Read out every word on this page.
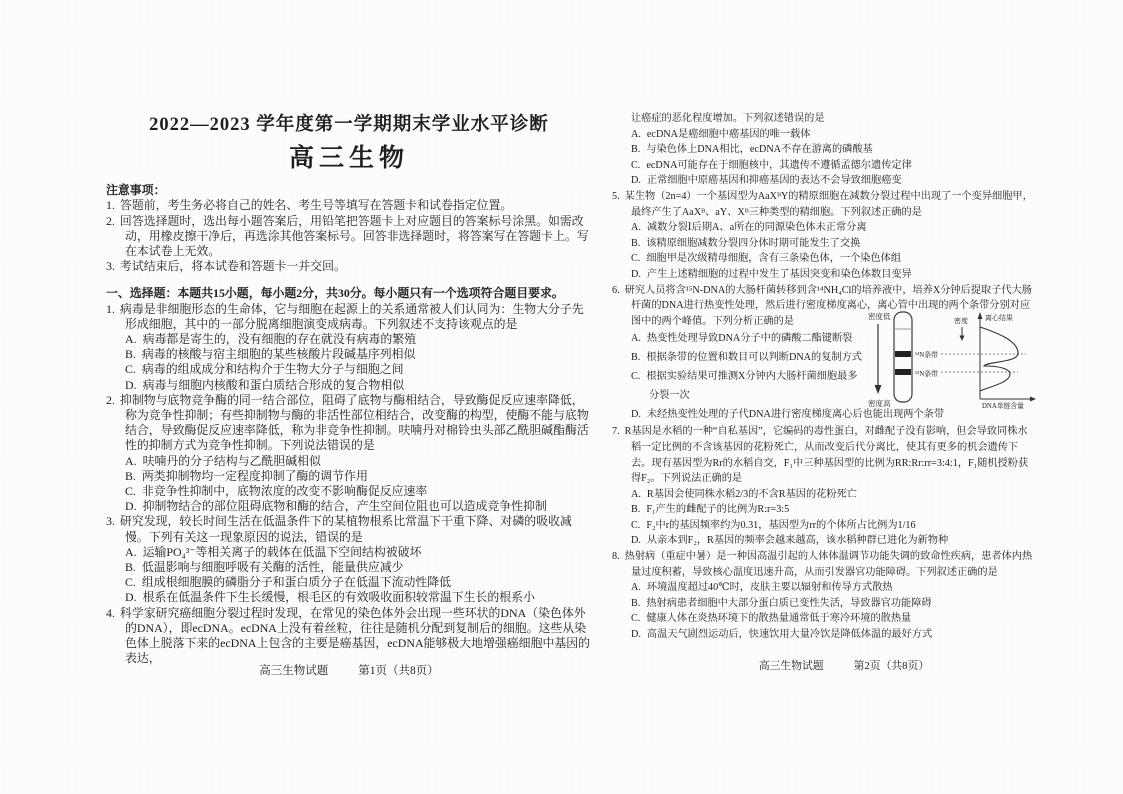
2022—2023 学年度第一学期期末学业水平诊断
高三生物
注意事项：
1. 答题前，考生务必将自己的姓名、考生号等填写在答题卡和试卷指定位置。
2. 回答选择题时，选出每小题答案后，用铅笔把答题卡上对应题目的答案标号涂黑。如需改动，用橡皮擦干净后，再选涂其他答案标号。回答非选择题时，将答案写在答题卡上。写在本试卷上无效。
3. 考试结束后，将本试卷和答题卡一并交回。
一、选择题：本题共15小题，每小题2分，共30分。每小题只有一个选项符合题目要求。
1. 病毒是非细胞形态的生命体，它与细胞在起源上的关系通常被人们认同为：生物大分子先形成细胞，其中的一部分脱离细胞演变成病毒。下列叙述不支持该观点的是
A. 病毒都是寄生的，没有细胞的存在就没有病毒的繁殖
B. 病毒的核酸与宿主细胞的某些核酸片段碱基序列相似
C. 病毒的组成成分和结构介于生物大分子与细胞之间
D. 病毒与细胞内核酸和蛋白质结合形成的复合物相似
2. 抑制物与底物竞争酶的同一结合部位，阻碍了底物与酶相结合，导致酶促反应速率降低，称为竞争性抑制；有些抑制物与酶的非活性部位相结合，改变酶的构型，使酶不能与底物结合，导致酶促反应速率降低，称为非竞争性抑制。呋喃丹对棉铃虫头部乙酰胆碱酯酶活性的抑制方式为竞争性抑制。下列说法错误的是
A. 呋喃丹的分子结构与乙酰胆碱相似
B. 两类抑制物均一定程度抑制了酶的调节作用
C. 非竞争性抑制中，底物浓度的改变不影响酶促反应速率
D. 抑制物结合的部位阻碍底物和酶的结合，产生空间位阻也可以造成竞争性抑制
3. 研究发现，较长时间生活在低温条件下的某植物根系比常温下干重下降、对磷的吸收减慢。下列有关这一现象原因的说法，错误的是
A. 运输PO₄³⁻等相关离子的载体在低温下空间结构被破坏
B. 低温影响与细胞呼吸有关酶的活性，能量供应减少
C. 组成根细胞膜的磷脂分子和蛋白质分子在低温下流动性降低
D. 根系在低温条件下生长缓慢，根毛区的有效吸收面积较常温下生长的根系小
4. 科学家研究癌细胞分裂过程时发现，在常见的染色体外会出现一些环状的DNA（染色体外的DNA），即ecDNA。ecDNA上没有着丝粒，往往是随机分配到复制后的细胞。这些从染色体上脱落下来的ecDNA上包含的主要是癌基因，ecDNA能够极大地增强癌细胞中基因的表达，
高三生物试题	第1页（共8页）
让癌症的恶化程度增加。下列叙述错误的是
A. ecDNA是癌细胞中癌基因的唯一载体
B. 与染色体上DNA相比，ecDNA不存在游离的磷酸基
C. ecDNA可能存在于细胞核中，其遗传不遵循孟德尔遗传定律
D. 正常细胞中原癌基因和抑癌基因的表达不会导致细胞癌变
5. 某生物（2n=4）一个基因型为AaXᴮY的精原细胞在减数分裂过程中出现了一个变异细胞甲，最终产生了AaXᴮ、aY、Xᴮ三种类型的精细胞。下列叙述正确的是
A. 减数分裂Ⅰ后期A、a所在的同源染色体未正常分离
B. 该精原细胞减数分裂四分体时期可能发生了交换
C. 细胞甲是次级精母细胞，含有三条染色体，一个染色体组
D. 产生上述精细胞的过程中发生了基因突变和染色体数目变异
密度低
密度高
¹⁴N条带
¹⁵N条带
密度 离心结果
DNA单链含量
6. 研究人员将含¹⁵N-DNA的大肠杆菌转移到含¹⁴NH₄Cl的培养液中，培养X分钟后提取子代大肠杆菌的DNA进行热变性处理，然后进行密度梯度离心，离心管中出现的两个条带分别对应图中的两个峰值。下列分析正确的是
A. 热变性处理导致DNA分子中的磷酸二酯键断裂
B. 根据条带的位置和数目可以判断DNA的复制方式
C. 根据实验结果可推测X分钟内大肠杆菌细胞最多分裂一次
D. 未经热变性处理的子代DNA进行密度梯度离心后也能出现两个条带
7. R基因是水稻的一种“自私基因”，它编码的毒性蛋白，对雌配子没有影响，但会导致同株水稻一定比例的不含该基因的花粉死亡，从而改变后代分离比，使其有更多的机会遗传下去。现有基因型为Rr的水稻自交，F₁中三种基因型的比例为RR:Rr:rr=3:4:1，F₁随机授粉获得F₂。下列说法正确的是
A. R基因会使同株水稻2/3的不含R基因的花粉死亡
B. F₁产生的雌配子的比例为R:r=3:5
C. F₂中r的基因频率约为0.31，基因型为rr的个体所占比例为1/16
D. 从亲本到F₂，R基因的频率会越来越高，该水稻种群已进化为新物种
8. 热射病（重症中暑）是一种因高温引起的人体体温调节功能失调的致命性疾病，患者体内热量过度积蓄，导致核心温度迅速升高，从而引发器官功能障碍。下列叙述正确的是
A. 环境温度超过40℃时，皮肤主要以辐射和传导方式散热
B. 热射病患者细胞中大部分蛋白质已变性失活，导致器官功能障碍
C. 健康人体在炎热环境下的散热量通常低于寒冷环境的散热量
D. 高温天气剧烈运动后，快速饮用大量冷饮是降低体温的最好方式
高三生物试题	第2页（共8页）
